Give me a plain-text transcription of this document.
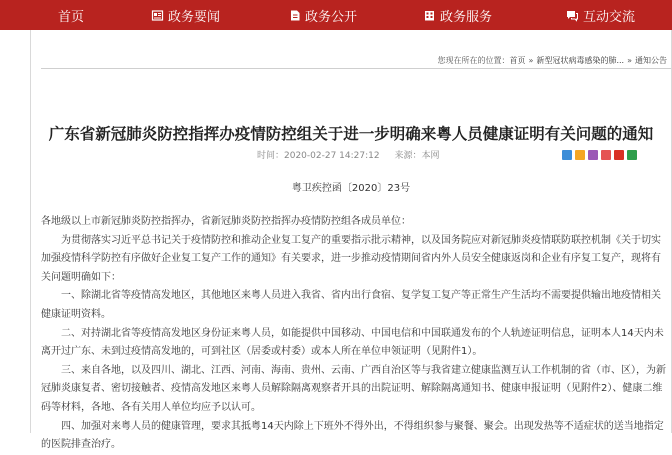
首页	政务要闻	政务公开	政务服务	互动交流
您现在所在的位置： 首页 » 新型冠状病毒感染的肺... » 通知公告
广东省新冠肺炎防控指挥办疫情防控组关于进一步明确来粤人员健康证明有关问题的通知
时间：2020-02-27 14:27:12 来源：本网
粤卫疾控函〔2020〕23号

各地级以上市新冠肺炎防控指挥办，省新冠肺炎防控指挥办疫情防控组各成员单位：

为贯彻落实习近平总书记关于疫情防控和推动企业复工复产的重要指示批示精神，以及国务院应对新冠肺炎疫情联防联控机制《关于切实加强疫情科学防控有序做好企业复工复产工作的通知》有关要求，进一步推动疫情期间省内外人员安全健康返岗和企业有序复工复产，现将有关问题明确如下：

一、除湖北省等疫情高发地区，其他地区来粤人员进入我省、省内出行食宿、复学复工复产等正常生产生活均不需要提供输出地疫情相关健康证明资料。

二、对持湖北省等疫情高发地区身份证来粤人员，如能提供中国移动、中国电信和中国联通发布的个人轨迹证明信息，证明本人14天内未离开过广东、未到过疫情高发地的，可到社区（居委或村委）或本人所在单位申领证明（见附件1）。

三、来自各地，以及四川、湖北、江西、河南、海南、贵州、云南、广西自治区等与我省建立健康监测互认工作机制的省（市、区），为新冠肺炎康复者、密切接触者、疫情高发地区来粤人员解除隔离观察者开具的出院证明、解除隔离通知书、健康申报证明（见附件2）、健康二维码等材料，各地、各有关用人单位均应予以认可。

四、加强对来粤人员的健康管理，要求其抵粤14天内除上下班外不得外出，不得组织参与聚餐、聚会。出现发热等不适症状的送当地指定的医院排查治疗。
